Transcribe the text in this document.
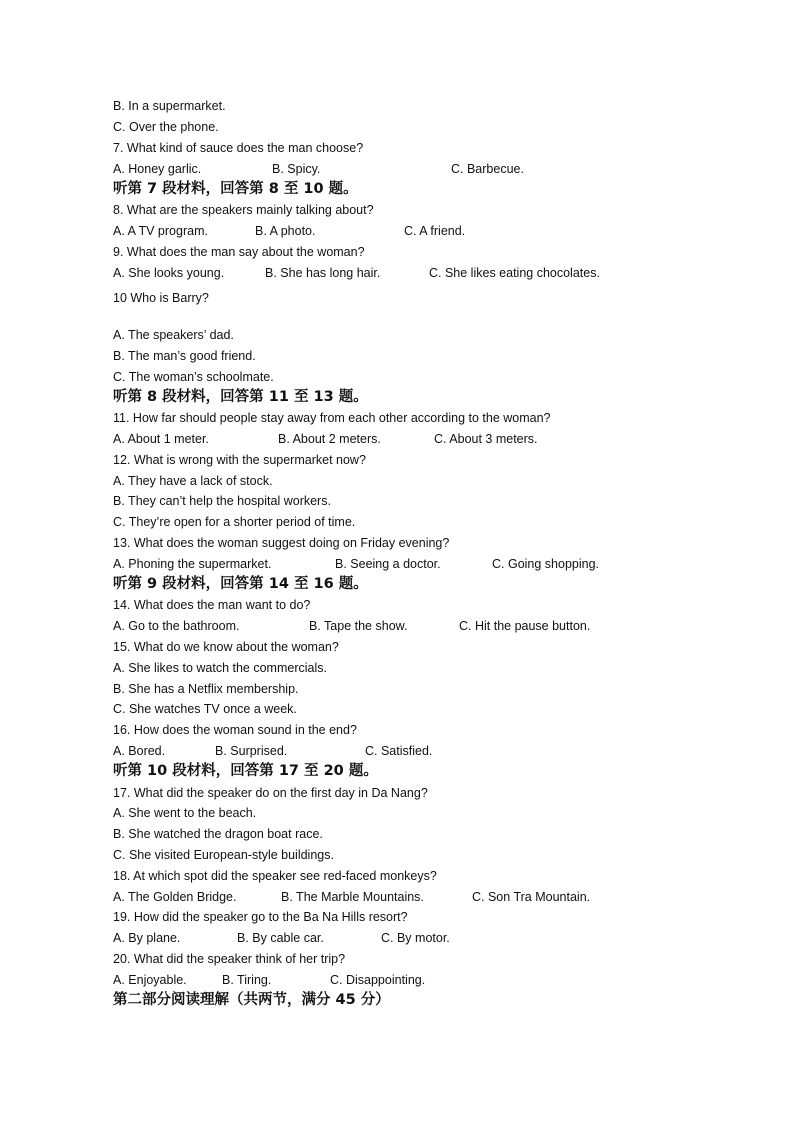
B. In a supermarket.
C. Over the phone.
7. What kind of sauce does the man choose?
A. Honey garlic.	B. Spicy.	C. Barbecue.
听第 7 段材料，回答第 8 至 10 题。
8. What are the speakers mainly talking about?
A. A TV program.	B. A photo.	C. A friend.
9. What does the man say about the woman?
A. She looks young.	B. She has long hair.	C. She likes eating chocolates.
10 Who is Barry?
A. The speakers’ dad.
B. The man’s good friend.
C. The woman’s schoolmate.
听第 8 段材料，回答第 11 至 13 题。
11. How far should people stay away from each other according to the woman?
A. About 1 meter.	B. About 2 meters.	C. About 3 meters.
12. What is wrong with the supermarket now?
A. They have a lack of stock.
B. They can’t help the hospital workers.
C. They’re open for a shorter period of time.
13. What does the woman suggest doing on Friday evening?
A. Phoning the supermarket.	B. Seeing a doctor.	C. Going shopping.
听第 9 段材料，回答第 14 至 16 题。
14. What does the man want to do?
A. Go to the bathroom.	B. Tape the show.	C. Hit the pause button.
15. What do we know about the woman?
A. She likes to watch the commercials.
B. She has a Netflix membership.
C. She watches TV once a week.
16. How does the woman sound in the end?
A. Bored.	B. Surprised.	C. Satisfied.
听第 10 段材料，回答第 17 至 20 题。
17. What did the speaker do on the first day in Da Nang?
A. She went to the beach.
B. She watched the dragon boat race.
C. She visited European-style buildings.
18. At which spot did the speaker see red-faced monkeys?
A. The Golden Bridge.	B. The Marble Mountains.	C. Son Tra Mountain.
19. How did the speaker go to the Ba Na Hills resort?
A. By plane.	B. By cable car.	C. By motor.
20. What did the speaker think of her trip?
A. Enjoyable.	B. Tiring.	C. Disappointing.
第二部分阅读理解（共两节，满分 45 分）
